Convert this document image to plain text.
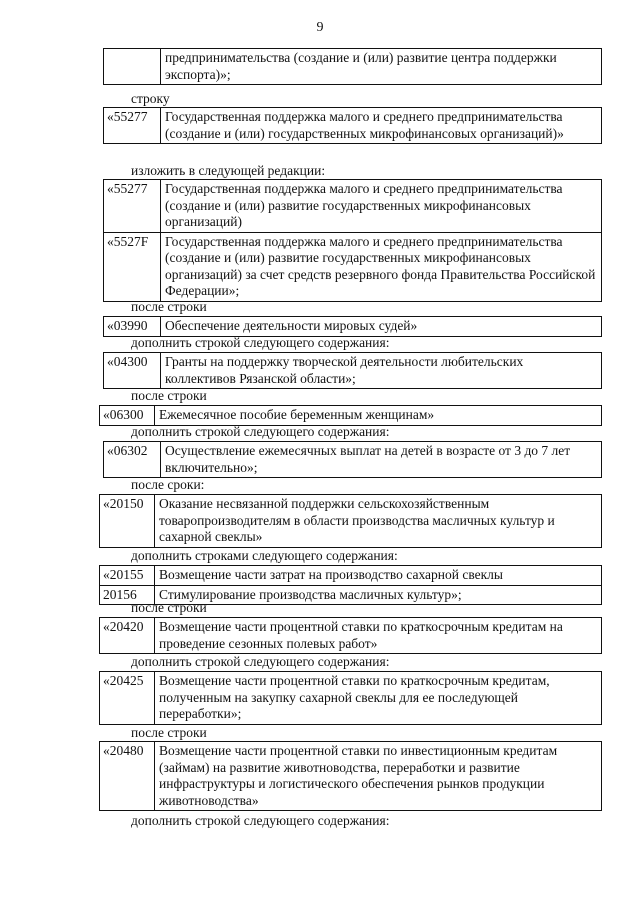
9
предпринимательства (создание и (или) развитие центра поддержки экспорта)»;
строку
«55277	Государственная поддержка малого и среднего предпринимательства (создание и (или) государственных микрофинансовых организаций)»
изложить в следующей редакции:
«55277	Государственная поддержка малого и среднего предпринимательства (создание и (или) развитие государственных микрофинансовых организаций)
«5527F	Государственная поддержка малого и среднего предпринимательства (создание и (или) развитие государственных микрофинансовых организаций) за счет средств резервного фонда Правительства Российской Федерации»;
после строки
«03990	Обеспечение деятельности мировых судей»
дополнить строкой следующего содержания:
«04300	Гранты на поддержку творческой деятельности любительских коллективов Рязанской области»;
после строки
«06300	Ежемесячное пособие беременным женщинам»
дополнить строкой следующего содержания:
«06302	Осуществление ежемесячных выплат на детей в возрасте от 3 до 7 лет включительно»;
после сроки:
«20150	Оказание несвязанной поддержки сельскохозяйственным товаропроизводителям в области производства масличных культур и сахарной свеклы»
дополнить строками следующего содержания:
«20155	Возмещение части затрат на производство сахарной свеклы
20156	Стимулирование производства масличных культур»;
после строки
«20420	Возмещение части процентной ставки по краткосрочным кредитам на проведение сезонных полевых работ»
дополнить строкой следующего содержания:
«20425	Возмещение части процентной ставки по краткосрочным кредитам, полученным на закупку сахарной свеклы для ее последующей переработки»;
после строки
«20480	Возмещение части процентной ставки по инвестиционным кредитам (займам) на развитие животноводства, переработки и развитие инфраструктуры и логистического обеспечения рынков продукции животноводства»
дополнить строкой следующего содержания:
